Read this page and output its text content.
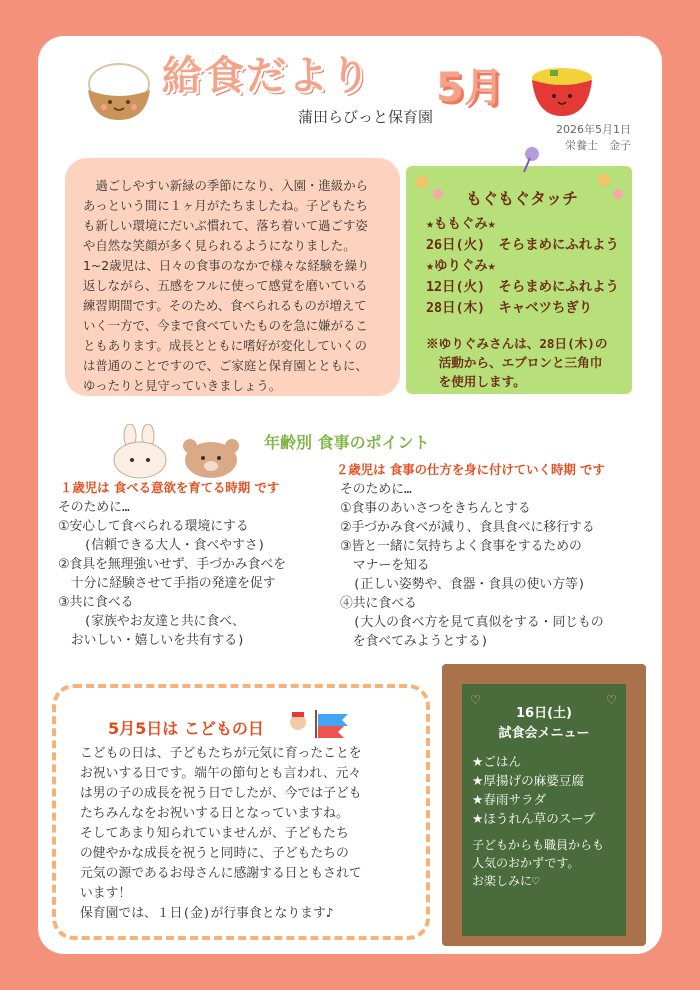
給食だより 5月
蒲田らびっと保育園
2026年5月1日
栄養士　金子

　過ごしやすい新緑の季節になり、入園・進級から
あっという間に１ヶ月がたちましたね。子どもたち
も新しい環境にだいぶ慣れて、落ち着いて過ごす姿
や自然な笑顔が多く見られるようになりました。
1~2歳児は、日々の食事のなかで様々な経験を繰り
返しながら、五感をフルに使って感覚を磨いている
練習期間です。そのため、食べられるものが増えて
いく一方で、今まで食べていたものを急に嫌がるこ
ともあります。成長とともに嗜好が変化していくの
は普通のことですので、ご家庭と保育園とともに、
ゆったりと見守っていきましょう。

もぐもぐタッチ
★ももぐみ★
26日(火)　そらまめにふれよう
★ゆりぐみ★
12日(火)　そらまめにふれよう
28日(木)　キャベツちぎり
※ゆりぐみさんは、28日(木)の
　活動から、エプロンと三角巾
　を使用します。
年齢別 食事のポイント
１歳児は 食べる意欲を育てる時期 です
そのために…
①安心して食べられる環境にする
　　(信頼できる大人・食べやすさ)
②食具を無理強いせず、手づかみ食べを
　十分に経験させて手指の発達を促す
③共に食べる
　　(家族やお友達と共に食べ、
　おいしい・嬉しいを共有する)
２歳児は 食事の仕方を身に付けていく時期 です
そのために…
①食事のあいさつをきちんとする
②手づかみ食べが減り、食具食べに移行する
③皆と一緒に気持ちよく食事をするための
　マナーを知る
　(正しい姿勢や、食器・食具の使い方等)
④共に食べる
　(大人の食べ方を見て真似をする・同じもの
　を食べてみようとする)
5月5日は こどもの日
こどもの日は、子どもたちが元気に育ったことを
お祝いする日です。端午の節句とも言われ、元々
は男の子の成長を祝う日でしたが、今では子ども
たちみんなをお祝いする日となっていますね。
そしてあまり知られていませんが、子どもたち
の健やかな成長を祝うと同時に、子どもたちの
元気の源であるお母さんに感謝する日ともされて
います！
保育園では、１日(金)が行事食となります♪
♡	♡
16日(土)
試食会メニュー
★ごはん
★厚揚げの麻婆豆腐
★春雨サラダ
★ほうれん草のスープ
子どもからも職員からも
人気のおかずです。
お楽しみに♡
